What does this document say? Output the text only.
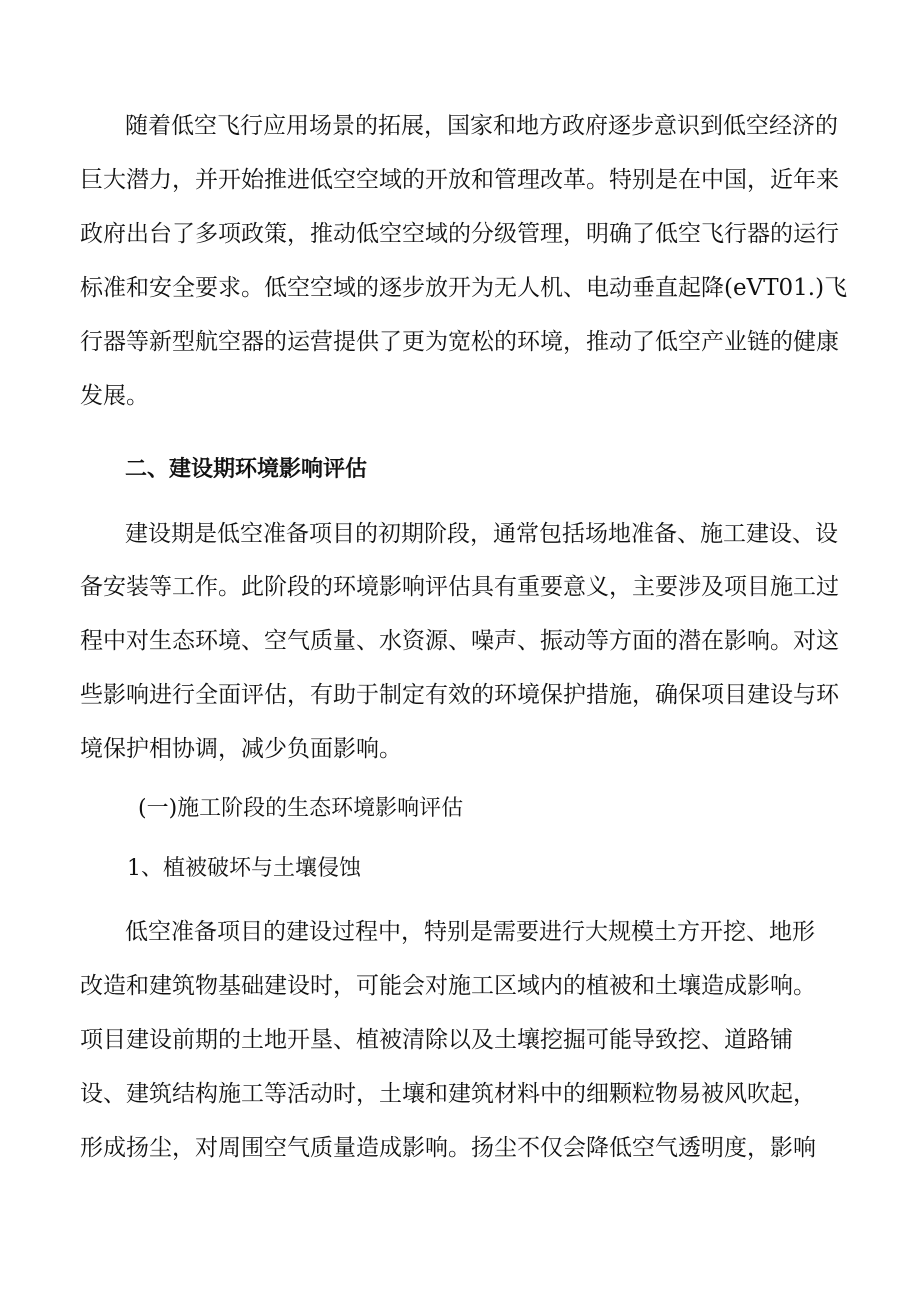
随着低空飞行应用场景的拓展，国家和地方政府逐步意识到低空经济的
巨大潜力，并开始推进低空空域的开放和管理改革。特别是在中国，近年来
政府出台了多项政策，推动低空空域的分级管理，明确了低空飞行器的运行
标准和安全要求。低空空域的逐步放开为无人机、电动垂直起降(eVT01.)飞
行器等新型航空器的运营提供了更为宽松的环境，推动了低空产业链的健康
发展。
二、建设期环境影响评估
建设期是低空准备项目的初期阶段，通常包括场地准备、施工建设、设
备安装等工作。此阶段的环境影响评估具有重要意义，主要涉及项目施工过
程中对生态环境、空气质量、水资源、噪声、振动等方面的潜在影响。对这
些影响进行全面评估，有助于制定有效的环境保护措施，确保项目建设与环
境保护相协调，减少负面影响。
(一)施工阶段的生态环境影响评估
1、植被破坏与土壤侵蚀
低空准备项目的建设过程中，特别是需要进行大规模土方开挖、地形
改造和建筑物基础建设时，可能会对施工区域内的植被和土壤造成影响。
项目建设前期的土地开垦、植被清除以及土壤挖掘可能导致挖、道路铺
设、建筑结构施工等活动时，土壤和建筑材料中的细颗粒物易被风吹起，
形成扬尘，对周围空气质量造成影响。扬尘不仅会降低空气透明度，影响
